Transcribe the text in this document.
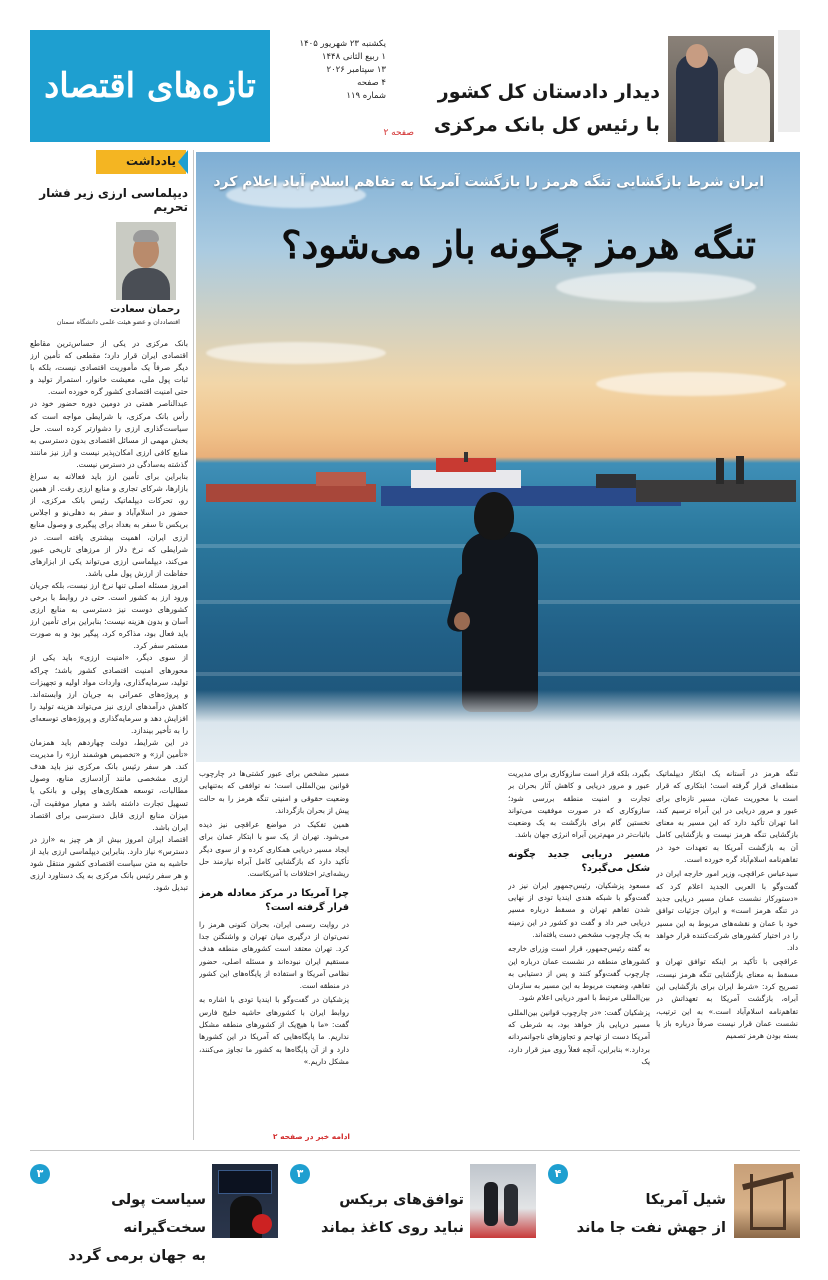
تازه‌های اقتصاد
یکشنبه ۲۳ شهریور ۱۴۰۵
۱ ربیع الثانی ۱۴۴۸
۱۳ سپتامبر ۲۰۲۶
۴ صفحه
شماره ۱۱۹	دیدار دادستان کل کشور
با رئیس کل بانک مرکزی
صفحه ۲
یادداشت
دیپلماسی ارزی زیر فشار تحریم
رحمان سعادت
اقتصاددان و عضو هیئت علمی دانشگاه سمنان

بانک مرکزی در یکی از حساس‌ترین مقاطع اقتصادی ایران قرار دارد؛ مقطعی که تأمین ارز دیگر صرفاً یک مأموریت اقتصادی نیست، بلکه با ثبات پول ملی، معیشت خانوار، استمرار تولید و حتی امنیت اقتصادی کشور گره خورده است.

عبدالناصر همتی در دومین دوره حضور خود در رأس بانک مرکزی، با شرایطی مواجه است که سیاست‌گذاری ارزی را دشوارتر کرده است. حل بخش مهمی از مسائل اقتصادی بدون دسترسی به منابع کافی ارزی امکان‌پذیر نیست و ارز نیز ماننند گذشته به‌سادگی در دسترس نیست.

بنابراین برای تأمین ارز باید فعالانه به سراغ بازارها، شرکای تجاری و منابع ارزی رفت. از همین رو، تحرکات دیپلماتیک رئیس بانک مرکزی، از حضور در اسلام‌آباد و سفر به دهلی‌نو و اجلاس بریکس تا سفر به بغداد برای پیگیری و وصول منابع ارزی ایران، اهمیت بیشتری یافته است. در شرایطی که نرخ دلار از مرزهای تاریخی عبور می‌کند، دیپلماسی ارزی می‌تواند یکی از ابزارهای حفاظت از ارزش پول ملی باشد.

امروز مسئله اصلی تنها نرخ ارز نیست، بلکه جریان ورود ارز به کشور است. حتی در روابط با برخی کشورهای دوست نیز دسترسی به منابع ارزی آسان و بدون هزینه نیست؛ بنابراین برای تأمین ارز باید فعال بود، مذاکره کرد، پیگیر بود و به صورت مستمر سفر کرد.

از سوی دیگر، «امنیت ارزی» باید یکی از محورهای امنیت اقتصادی کشور باشد؛ چراکه تولید، سرمایه‌گذاری، واردات مواد اولیه و تجهیزات و پروژه‌های عمرانی به جریان ارز وابسته‌اند. کاهش درآمدهای ارزی نیز می‌تواند هزینه تولید را افزایش دهد و سرمایه‌گذاری و پروژه‌های توسعه‌ای را به تأخیر بیندازد.

در این شرایط، دولت چهاردهم باید همزمان «تأمین ارز» و «تخصیص هوشمند ارز» را مدیریت کند. هر سفر رئیس بانک مرکزی نیز باید هدف ارزی مشخصی مانند آزادسازی منابع، وصول مطالبات، توسعه همکاری‌های پولی و بانکی یا تسهیل تجارت داشته باشد و معیار موفقیت آن، میزان منابع ارزی قابل دسترسی برای اقتصاد ایران باشد.

اقتصاد ایران امروز بیش از هر چیز به «ارز در دسترس» نیاز دارد. بنابراین دیپلماسی ارزی باید از حاشیه به متن سیاست اقتصادی کشور منتقل شود و هر سفر رئیس بانک مرکزی به یک دستاورد ارزی تبدیل شود.

ایران شرط بازگشایی تنگه هرمز را بازگشت آمریکا به تفاهم اسلام آباد اعلام کرد
تنگه هرمز چگونه باز می‌شود؟

تنگه هرمز در آستانه یک ابتکار دیپلماتیک منطقه‌ای قرار گرفته است؛ ابتکاری که قرار است با محوریت عمان، مسیر تازه‌ای برای عبور و مرور دریایی در این آبراه ترسیم کند، اما تهران تأکید دارد که این مسیر به معنای بازگشایی تنگه هرمز نیست و بازگشایی کامل آن به بازگشت آمریکا به تعهدات خود در تفاهم‌نامه اسلام‌آباد گره خورده است.

سیدعباس عراقچی، وزیر امور خارجه ایران در گفت‌وگو با العربی الجدید اعلام کرد که «دستورکار نشست عمان مسیر دریایی جدید در تنگه هرمز است» و ایران جزئیات توافق خود با عمان و نقشه‌های مربوط به این مسیر را در اختیار کشورهای شرکت‌کننده قرار خواهد داد.

عراقچی با تأکید بر اینکه توافق تهران و مسقط به معنای بازگشایی تنگه هرمز نیست، تصریح کرد: «شرط ایران برای بازگشایی این آبراه، بازگشت آمریکا به تعهداتش در تفاهم‌نامه اسلام‌آباد است.» به این ترتیب، نشست عمان قرار نیست صرفاً درباره باز یا بسته بودن هرمز تصمیم

بگیرد، بلکه قرار است سازوکاری برای مدیریت عبور و مرور دریایی و کاهش آثار بحران بر تجارت و امنیت منطقه بررسی شود؛ سازوکاری که در صورت موفقیت می‌تواند نخستین گام برای بازگشت به یک وضعیت باثبات‌تر در مهم‌ترین آبراه انرژی جهان باشد.

مسیر دریایی جدید چگونه شکل می‌گیرد؟

مسعود پزشکیان، رئیس‌جمهور ایران نیز در گفت‌وگو با شبکه هندی ایندیا تودی از نهایی شدن تفاهم تهران و مسقط درباره مسیر دریایی خبر داد و گفت دو کشور در این زمینه به یک چارچوب مشخص دست یافته‌اند.

به گفته رئیس‌جمهور، قرار است وزرای خارجه کشورهای منطقه در نشست عمان درباره این چارچوب گفت‌وگو کنند و پس از دستیابی به تفاهم، وضعیت مربوط به این مسیر به سازمان بین‌المللی مرتبط با امور دریایی اعلام شود.

پزشکیان گفت: «در چارچوب قوانین بین‌المللی مسیر دریایی باز خواهد بود، به شرطی که آمریکا دست از تهاجم و تجاوزهای ناجوانمردانه بردارد.» بنابراین، آنچه فعلاً روی میز قرار دارد، یک

مسیر مشخص برای عبور کشتی‌ها در چارچوب قوانین بین‌المللی است؛ نه توافقی که به‌تنهایی وضعیت حقوقی و امنیتی تنگه هرمز را به حالت پیش از بحران بازگرداند.

همین تفکیک در مواضع عراقچی نیز دیده می‌شود. تهران از یک سو با ابتکار عمان برای ایجاد مسیر دریایی همکاری کرده و از سوی دیگر تأکید دارد که بازگشایی کامل آبراه نیازمند حل ریشه‌ای‌تر اختلافات با آمریکاست.

چرا آمریکا در مرکز معادله هرمز قرار گرفته است؟

در روایت رسمی ایران، بحران کنونی هرمز را نمی‌توان از درگیری میان تهران و واشنگتن جدا کرد. تهران معتقد است کشورهای منطقه هدف مستقیم ایران نبوده‌اند و مسئله اصلی، حضور نظامی آمریکا و استفاده از پایگاه‌های این کشور در منطقه است.

پزشکیان در گفت‌وگو با ایندیا تودی با اشاره به روابط ایران با کشورهای حاشیه خلیج فارس گفت: «ما با هیچ‌یک از کشورهای منطقه مشکل نداریم. ما پایگاه‌هایی که آمریکا در این کشورها دارد و از آن پایگاه‌ها به کشور ما تجاوز می‌کنند، مشکل داریم.»

ادامه خبر در صفحه ۲
۴
شیل آمریکا
از جهش نفت جا ماند
۳
توافق‌های بریکس
نباید روی کاغذ بماند
۳
سیاست پولی سخت‌گیرانه
به جهان برمی گردد
